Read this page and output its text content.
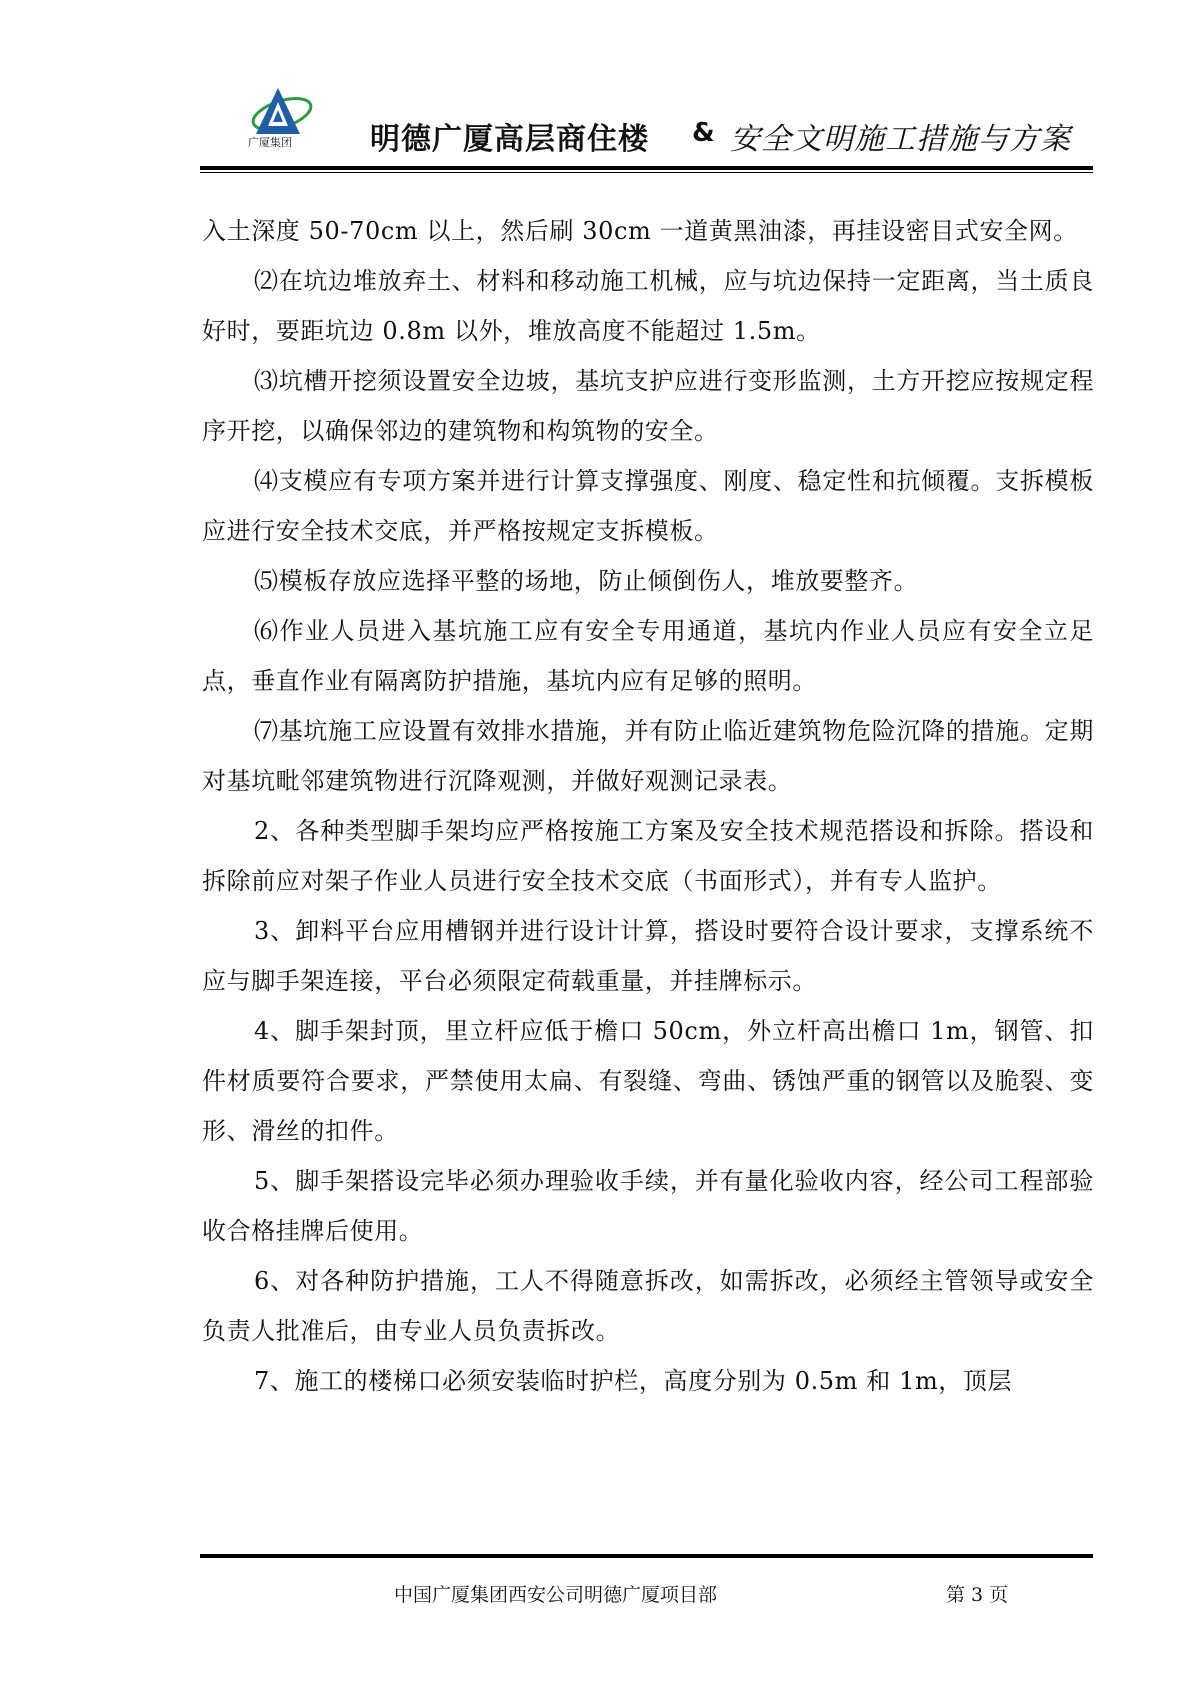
广厦集团	明德广厦高层商住楼 & 安全文明施工措施与方案

入土深度 50-70cm 以上，然后刷 30cm 一道黄黑油漆，再挂设密目式安全网。

⑵在坑边堆放弃土、材料和移动施工机械，应与坑边保持一定距离，当土质良好时，要距坑边 0.8m 以外，堆放高度不能超过 1.5m。

⑶坑槽开挖须设置安全边坡，基坑支护应进行变形监测，土方开挖应按规定程序开挖，以确保邻边的建筑物和构筑物的安全。

⑷支模应有专项方案并进行计算支撑强度、刚度、稳定性和抗倾覆。支拆模板应进行安全技术交底，并严格按规定支拆模板。

⑸模板存放应选择平整的场地，防止倾倒伤人，堆放要整齐。

⑹作业人员进入基坑施工应有安全专用通道，基坑内作业人员应有安全立足点，垂直作业有隔离防护措施，基坑内应有足够的照明。

⑺基坑施工应设置有效排水措施，并有防止临近建筑物危险沉降的措施。定期对基坑毗邻建筑物进行沉降观测，并做好观测记录表。

2、各种类型脚手架均应严格按施工方案及安全技术规范搭设和拆除。搭设和拆除前应对架子作业人员进行安全技术交底（书面形式），并有专人监护。

3、卸料平台应用槽钢并进行设计计算，搭设时要符合设计要求，支撑系统不应与脚手架连接，平台必须限定荷载重量，并挂牌标示。

4、脚手架封顶，里立杆应低于檐口 50cm，外立杆高出檐口 1m，钢管、扣件材质要符合要求，严禁使用太扁、有裂缝、弯曲、锈蚀严重的钢管以及脆裂、变形、滑丝的扣件。

5、脚手架搭设完毕必须办理验收手续，并有量化验收内容，经公司工程部验收合格挂牌后使用。

6、对各种防护措施，工人不得随意拆改，如需拆改，必须经主管领导或安全负责人批准后，由专业人员负责拆改。

7、施工的楼梯口必须安装临时护栏，高度分别为 0.5m 和 1m，顶层

中国广厦集团西安公司明德广厦项目部	第 3 页
